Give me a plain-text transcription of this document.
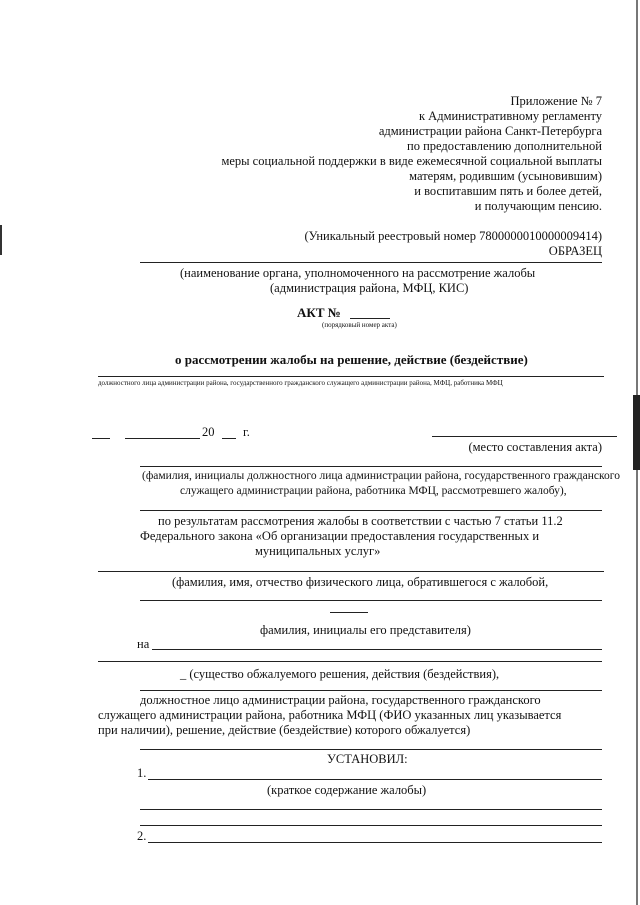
Приложение № 7
к Административному регламенту
администрации района Санкт-Петербурга
по предоставлению дополнительной
меры социальной поддержки в виде ежемесячной социальной выплаты
матерям, родившим (усыновившим)
и воспитавшим пять и более детей,
и получающим пенсию.
(Уникальный реестровый номер 7800000010000009414)
ОБРАЗЕЦ
(наименование органа, уполномоченного на рассмотрение жалобы
(администрация района, МФЦ, КИС)
АКТ №
(порядковый номер акта)
о рассмотрении жалобы на решение, действие (бездействие)
должностного лица администрации района, государственного гражданского служащего администрации района, МФЦ, работника МФЦ
20 г.
(место составления акта)
(фамилия, инициалы должностного лица администрации района, государственного гражданского
служащего администрации района, работника МФЦ, рассмотревшего жалобу),
по результатам рассмотрения жалобы в соответствии с частью 7 статьи 11.2
Федерального закона «Об организации предоставления государственных и
муниципальных услуг»
(фамилия, имя, отчество физического лица, обратившегося с жалобой,
фамилия, инициалы его представителя)
на
_ (существо обжалуемого решения, действия (бездействия),
должностное лицо администрации района, государственного гражданского
служащего администрации района, работника МФЦ (ФИО указанных лиц указывается
при наличии), решение, действие (бездействие) которого обжалуется)
УСТАНОВИЛ:
1.
(краткое содержание жалобы)
2.
